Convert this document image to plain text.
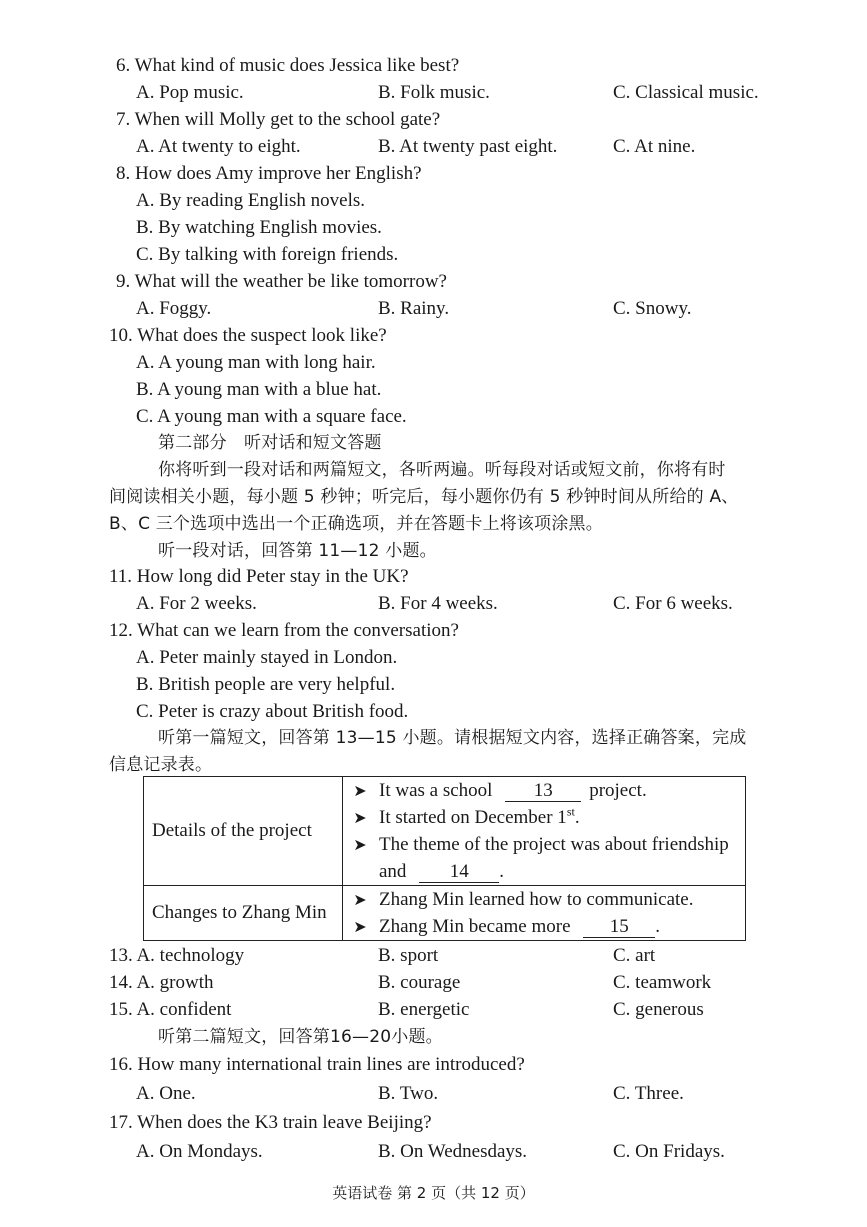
6. What kind of music does Jessica like best?
A. Pop music.	B. Folk music.	C. Classical music.
7. When will Molly get to the school gate?
A. At twenty to eight.	B. At twenty past eight.	C. At nine.
8. How does Amy improve her English?
A. By reading English novels.
B. By watching English movies.
C. By talking with foreign friends.
9. What will the weather be like tomorrow?
A. Foggy.	B. Rainy.	C. Snowy.
10. What does the suspect look like?
A. A young man with long hair.
B. A young man with a blue hat.
C. A young man with a square face.
第二部分　听对话和短文答题
你将听到一段对话和两篇短文，各听两遍。听每段对话或短文前，你将有时
间阅读相关小题，每小题 5 秒钟；听完后，每小题你仍有 5 秒钟时间从所给的 A、
B、C 三个选项中选出一个正确选项，并在答题卡上将该项涂黑。
听一段对话，回答第 11—12 小题。
11. How long did Peter stay in the UK?
A. For 2 weeks.	B. For 4 weeks.	C. For 6 weeks.
12. What can we learn from the conversation?
A. Peter mainly stayed in London.
B. British people are very helpful.
C. Peter is crazy about British food.
听第一篇短文，回答第 13—15 小题。请根据短文内容，选择正确答案，完成
信息记录表。
Details of the project	➤ It was a school 13 project.
➤ It started on December 1st.
➤ The theme of the project was about friendship
and 14 .

Changes to Zhang Min	➤ Zhang Min learned how to communicate.
➤ Zhang Min became more 15 .
13. A. technology	B. sport	C. art
14. A. growth	B. courage	C. teamwork
15. A. confident	B. energetic	C. generous
听第二篇短文，回答第16—20小题。
16. How many international train lines are introduced?
A. One.	B. Two.	C. Three.
17. When does the K3 train leave Beijing?
A. On Mondays.	B. On Wednesdays.	C. On Fridays.
英语试卷 第 2 页（共 12 页）
